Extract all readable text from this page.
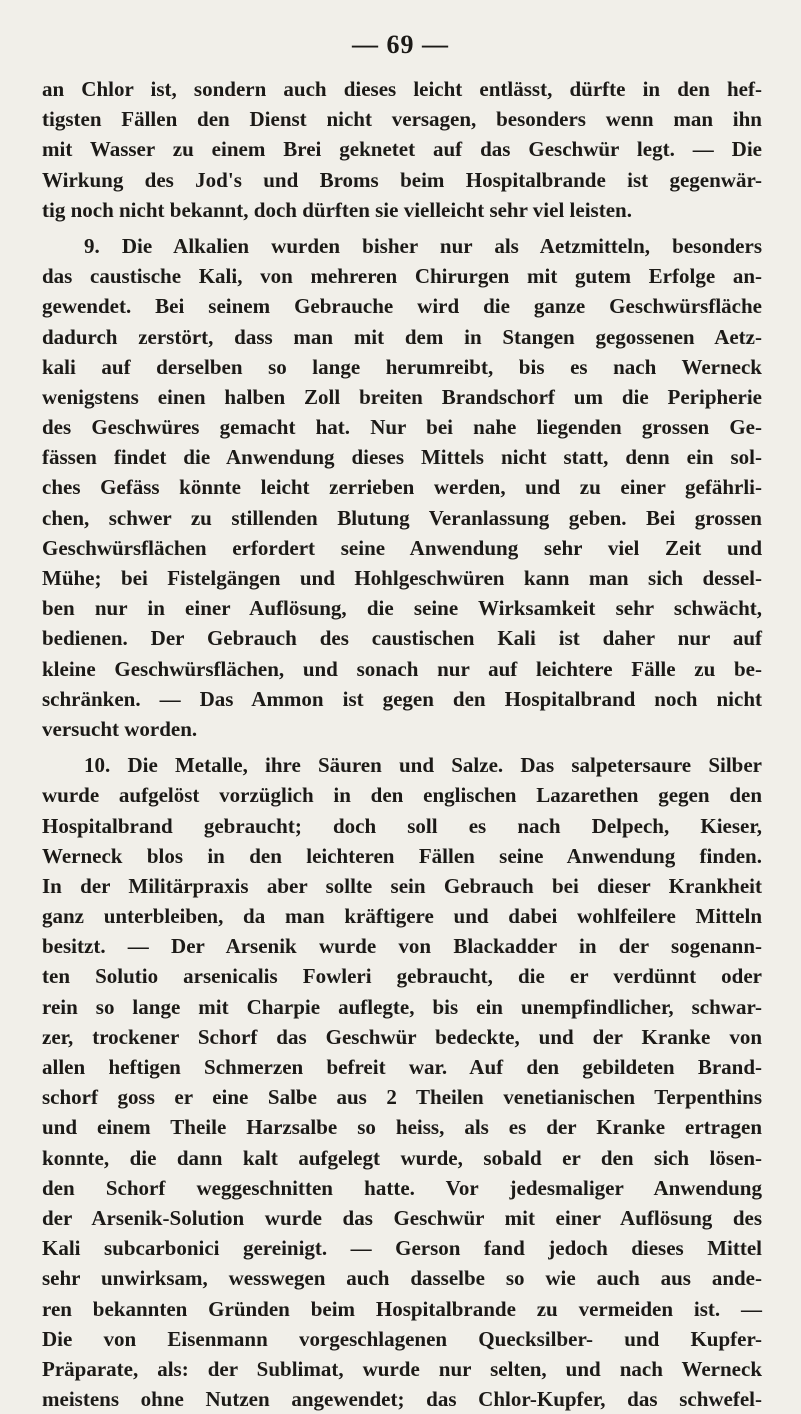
— 69 —
an Chlor ist, sondern auch dieses leicht entlässt, dürfte in den hef-
tigsten Fällen den Dienst nicht versagen, besonders wenn man ihn
mit Wasser zu einem Brei geknetet auf das Geschwür legt. — Die
Wirkung des Jod's und Broms beim Hospitalbrande ist gegenwär-
tig noch nicht bekannt, doch dürften sie vielleicht sehr viel leisten.
9. Die Alkalien wurden bisher nur als Aetzmitteln, besonders
das caustische Kali, von mehreren Chirurgen mit gutem Erfolge an-
gewendet. Bei seinem Gebrauche wird die ganze Geschwürsfläche
dadurch zerstört, dass man mit dem in Stangen gegossenen Aetz-
kali auf derselben so lange herumreibt, bis es nach Werneck
wenigstens einen halben Zoll breiten Brandschorf um die Peripherie
des Geschwüres gemacht hat. Nur bei nahe liegenden grossen Ge-
fässen findet die Anwendung dieses Mittels nicht statt, denn ein sol-
ches Gefäss könnte leicht zerrieben werden, und zu einer gefährli-
chen, schwer zu stillenden Blutung Veranlassung geben. Bei grossen
Geschwürsflächen erfordert seine Anwendung sehr viel Zeit und
Mühe; bei Fistelgängen und Hohlgeschwüren kann man sich dessel-
ben nur in einer Auflösung, die seine Wirksamkeit sehr schwächt,
bedienen. Der Gebrauch des caustischen Kali ist daher nur auf
kleine Geschwürsflächen, und sonach nur auf leichtere Fälle zu be-
schränken. — Das Ammon ist gegen den Hospitalbrand noch nicht
versucht worden.
10. Die Metalle, ihre Säuren und Salze. Das salpetersaure Silber
wurde aufgelöst vorzüglich in den englischen Lazarethen gegen den
Hospitalbrand gebraucht; doch soll es nach Delpech, Kieser,
Werneck blos in den leichteren Fällen seine Anwendung finden.
In der Militärpraxis aber sollte sein Gebrauch bei dieser Krankheit
ganz unterbleiben, da man kräftigere und dabei wohlfeilere Mitteln
besitzt. — Der Arsenik wurde von Blackadder in der sogenann-
ten Solutio arsenicalis Fowleri gebraucht, die er verdünnt oder
rein so lange mit Charpie auflegte, bis ein unempfindlicher, schwar-
zer, trockener Schorf das Geschwür bedeckte, und der Kranke von
allen heftigen Schmerzen befreit war. Auf den gebildeten Brand-
schorf goss er eine Salbe aus 2 Theilen venetianischen Terpenthins
und einem Theile Harzsalbe so heiss, als es der Kranke ertragen
konnte, die dann kalt aufgelegt wurde, sobald er den sich lösen-
den Schorf weggeschnitten hatte. Vor jedesmaliger Anwendung
der Arsenik-Solution wurde das Geschwür mit einer Auflösung des
Kali subcarbonici gereinigt. — Gerson fand jedoch dieses Mittel
sehr unwirksam, wesswegen auch dasselbe so wie auch aus ande-
ren bekannten Gründen beim Hospitalbrande zu vermeiden ist. —
Die von Eisenmann vorgeschlagenen Quecksilber- und Kupfer-
Präparate, als: der Sublimat, wurde nur selten, und nach Werneck
meistens ohne Nutzen angewendet; das Chlor-Kupfer, das schwefel-
